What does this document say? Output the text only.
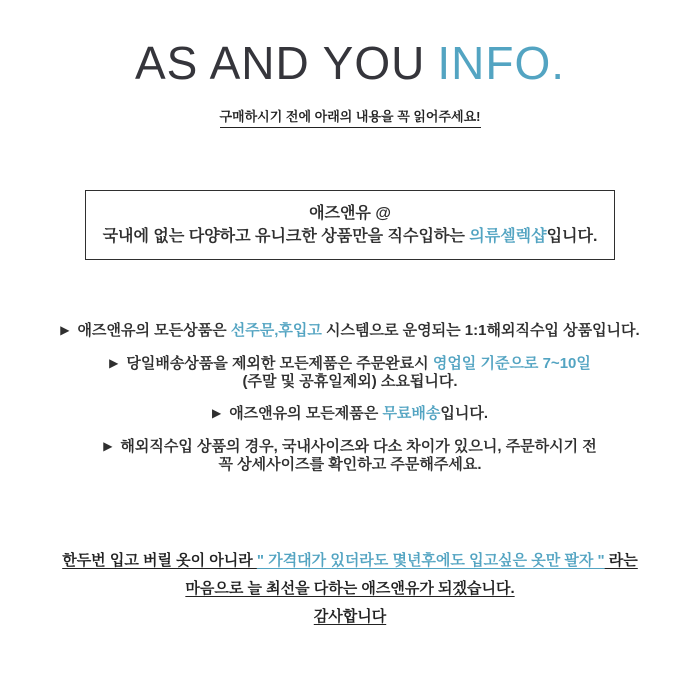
AS AND YOU INFO.
구매하시기 전에 아래의 내용을 꼭 읽어주세요!
애즈앤유 @
국내에 없는 다양하고 유니크한 상품만을 직수입하는 의류셀렉샵입니다.
▶ 애즈앤유의 모든상품은 선주문,후입고 시스템으로 운영되는 1:1해외직수입 상품입니다.
▶ 당일배송상품을 제외한 모든제품은 주문완료시 영업일 기준으로 7~10일
(주말 및 공휴일제외) 소요됩니다.
▶ 애즈앤유의 모든제품은 무료배송입니다.
▶ 해외직수입 상품의 경우, 국내사이즈와 다소 차이가 있으니, 주문하시기 전
꼭 상세사이즈를 확인하고 주문해주세요.
한두번 입고 버릴 옷이 아니라 " 가격대가 있더라도 몇년후에도 입고싶은 옷만 팔자 " 라는
마음으로 늘 최선을 다하는 애즈앤유가 되겠습니다.
감사합니다
